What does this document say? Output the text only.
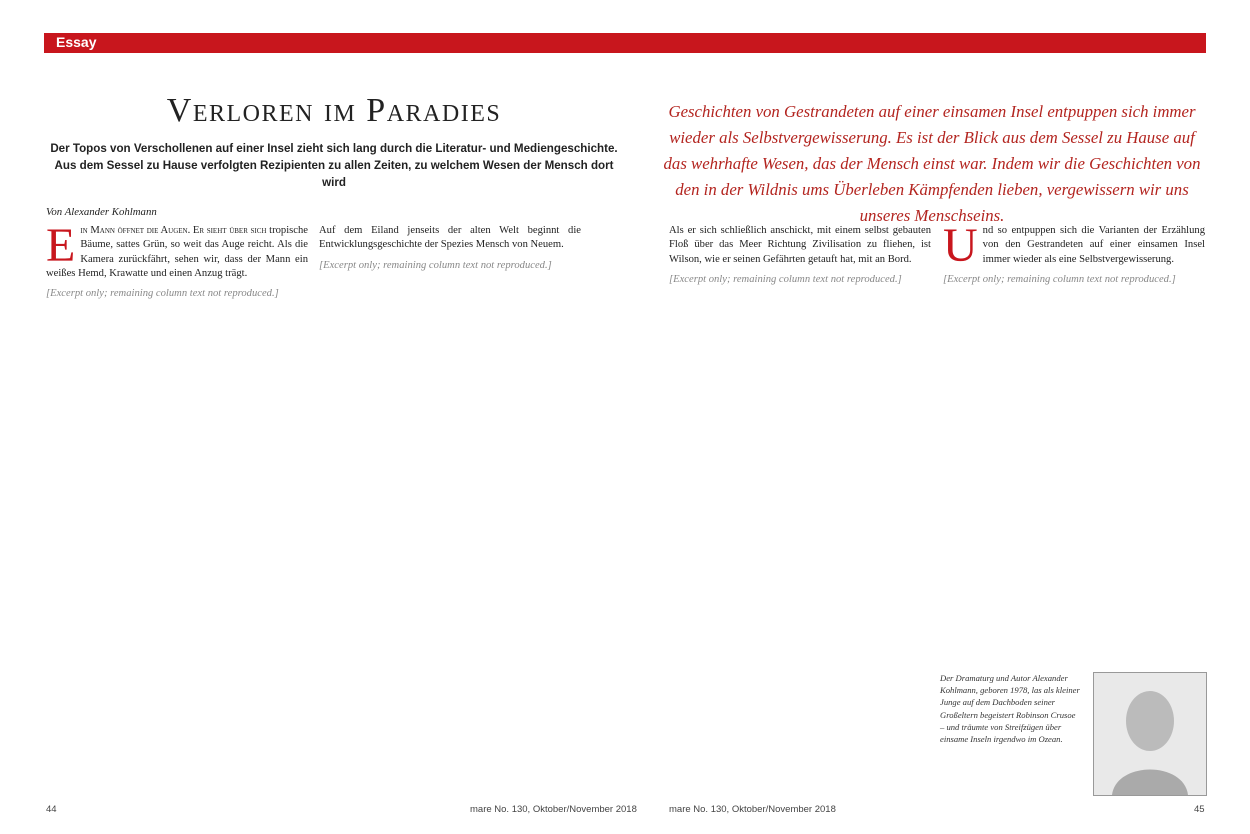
Essay
Verloren im Paradies

Der Topos von Verschollenen auf einer Insel zieht sich lang durch die Literatur- und Mediengeschichte. Aus dem Sessel zu Hause verfolgten Rezipienten zu allen Zeiten, zu welchem Wesen der Mensch dort wird

Von Alexander Kohlmann

Geschichten von Gestrandeten auf einer einsamen Insel entpuppen sich immer wieder als Selbstvergewisserung. Es ist der Blick aus dem Sessel zu Hause auf das wehrhafte Wesen, das der Mensch einst war. Indem wir die Geschichten von den in der Wildnis ums Überleben Kämpfenden lieben, vergewissern wir uns unseres Menschseins.

Ein Mann öffnet die Augen. Er sieht über sich tropische Bäume, sattes Grün, so weit das Auge reicht. Als die Kamera zurückfährt, sehen wir, dass der Mann ein weißes Hemd, Krawatte und einen Anzug trägt.

[Excerpt only; remaining column text not reproduced.]

Auf dem Eiland jenseits der alten Welt beginnt die Entwicklungsgeschichte der Spezies Mensch von Neuem.

[Excerpt only; remaining column text not reproduced.]

Als er sich schließlich anschickt, mit einem selbst gebauten Floß über das Meer Richtung Zivilisation zu fliehen, ist Wilson, wie er seinen Gefährten getauft hat, mit an Bord.

[Excerpt only; remaining column text not reproduced.]

Und so entpuppen sich die Varianten der Erzählung von den Gestrandeten auf einer einsamen Insel immer wieder als eine Selbstvergewisserung.

[Excerpt only; remaining column text not reproduced.]

Der Dramaturg und Autor Alexander Kohlmann, geboren 1978, las als kleiner Junge auf dem Dachboden seiner Großeltern begeistert Robinson Crusoe – und träumte von Streifzügen über einsame Inseln irgendwo im Ozean.

44	mare No. 130, Oktober/November 2018	mare No. 130, Oktober/November 2018	45
